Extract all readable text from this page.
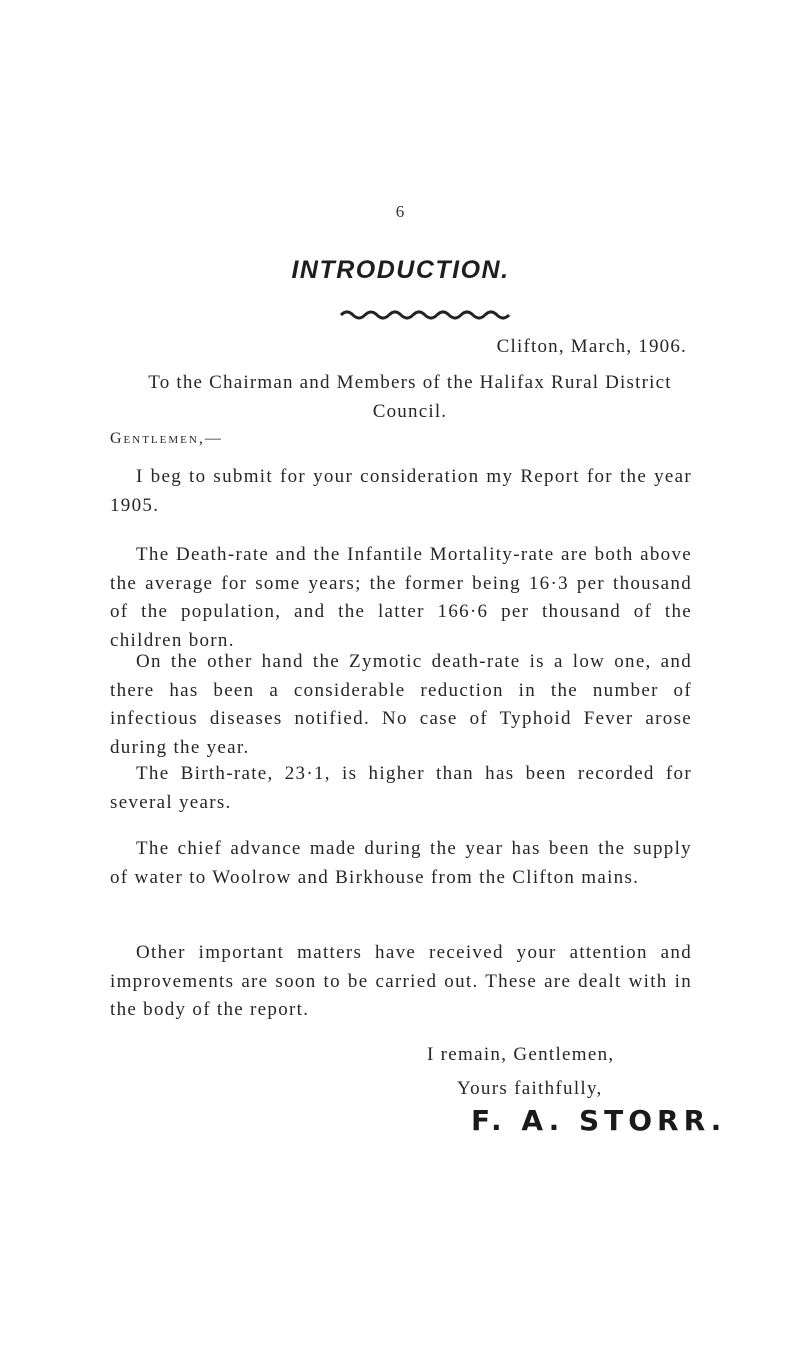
6
INTRODUCTION.
Clifton, March, 1906.
To the Chairman and Members of the Halifax Rural District Council.
Gentlemen,—

I beg to submit for your consideration my Report for the year 1905.

The Death-rate and the Infantile Mortality-rate are both above the average for some years; the former being 16·3 per thousand of the population, and the latter 166·6 per thousand of the children born.

On the other hand the Zymotic death-rate is a low one, and there has been a considerable reduction in the number of infectious diseases notified. No case of Typhoid Fever arose during the year.

The Birth-rate, 23·1, is higher than has been recorded for several years.

The chief advance made during the year has been the supply of water to Woolrow and Birkhouse from the Clifton mains.

Other important matters have received your attention and improvements are soon to be carried out. These are dealt with in the body of the report.

I remain, Gentlemen,
Yours faithfully,
F. A. STORR.
